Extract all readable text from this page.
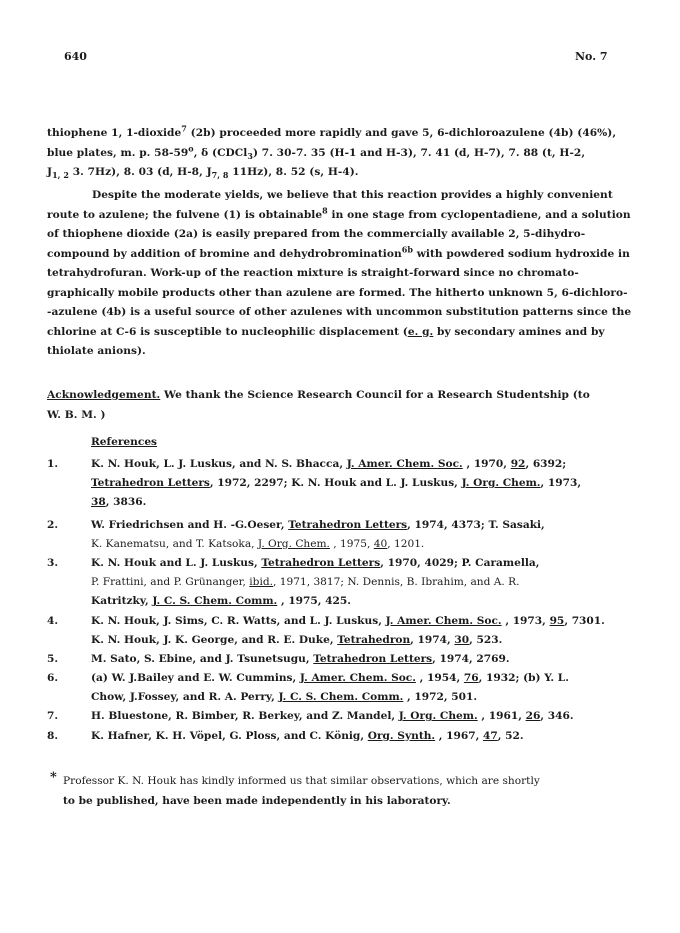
640	No. 7
thiophene 1, 1-dioxide$^7$ (2b) proceeded more rapidly and gave 5, 6-dichloroazulene (4b) (46%),
blue plates, m. p. 58-59$^o$, δ (CDCl$_3$) 7. 30-7. 35 (H-1 and H-3), 7. 41 (d, H-7), 7. 88 (t, H-2,
$J_{1, 2}$ 3. 7Hz), 8. 03 (d, H-8, $J_{7, 8}$ 11Hz), 8. 52 (s, H-4).
Despite the moderate yields, we believe that this reaction provides a highly convenient
route to azulene; the fulvene (1) is obtainable$^8$ in one stage from cyclopentadiene, and a solution
of thiophene dioxide (2a) is easily prepared from the commercially available 2, 5-dihydro-
compound by addition of bromine and dehydrobromination$^{6b}$ with powdered sodium hydroxide in
tetrahydrofuran. Work-up of the reaction mixture is straight-forward since no chromato-
graphically mobile products other than azulene are formed. The hitherto unknown 5, 6-dichloro-
-azulene (4b) is a useful source of other azulenes with uncommon substitution patterns since the
chlorine at C-6 is susceptible to nucleophilic displacement (e. g. by secondary amines and by
thiolate anions).
Acknowledgement. We thank the Science Research Council for a Research Studentship (to
W. B. M. )
References
1.	K. N. Houk, L. J. Luskus, and N. S. Bhacca, J. Amer. Chem. Soc. , 1970, 92, 6392;
Tetrahedron Letters, 1972, 2297; K. N. Houk and L. J. Luskus, J. Org. Chem., 1973,
38, 3836.
2.	W. Friedrichsen and H. -G.Oeser, Tetrahedron Letters, 1974, 4373; T. Sasaki,
K. Kanematsu, and T. Katsoka, J. Org. Chem. , 1975, 40, 1201.
3.	K. N. Houk and L. J. Luskus, Tetrahedron Letters, 1970, 4029; P. Caramella,
P. Frattini, and P. Grünanger, ibid., 1971, 3817; N. Dennis, B. Ibrahim, and A. R.
Katritzky, J. C. S. Chem. Comm. , 1975, 425.
4.	K. N. Houk, J. Sims, C. R. Watts, and L. J. Luskus, J. Amer. Chem. Soc. , 1973, 95, 7301.
K. N. Houk, J. K. George, and R. E. Duke, Tetrahedron, 1974, 30, 523.
5.	M. Sato, S. Ebine, and J. Tsunetsugu, Tetrahedron Letters, 1974, 2769.
6.	(a) W. J.Bailey and E. W. Cummins, J. Amer. Chem. Soc. , 1954, 76, 1932; (b) Y. L.
Chow, J.Fossey, and R. A. Perry, J. C. S. Chem. Comm. , 1972, 501.
7.	H. Bluestone, R. Bimber, R. Berkey, and Z. Mandel, J. Org. Chem. , 1961, 26, 346.
8.	K. Hafner, K. H. Vöpel, G. Ploss, and C. König, Org. Synth. , 1967, 47, 52.
* Professor K. N. Houk has kindly informed us that similar observations, which are shortly
to be published, have been made independently in his laboratory.
